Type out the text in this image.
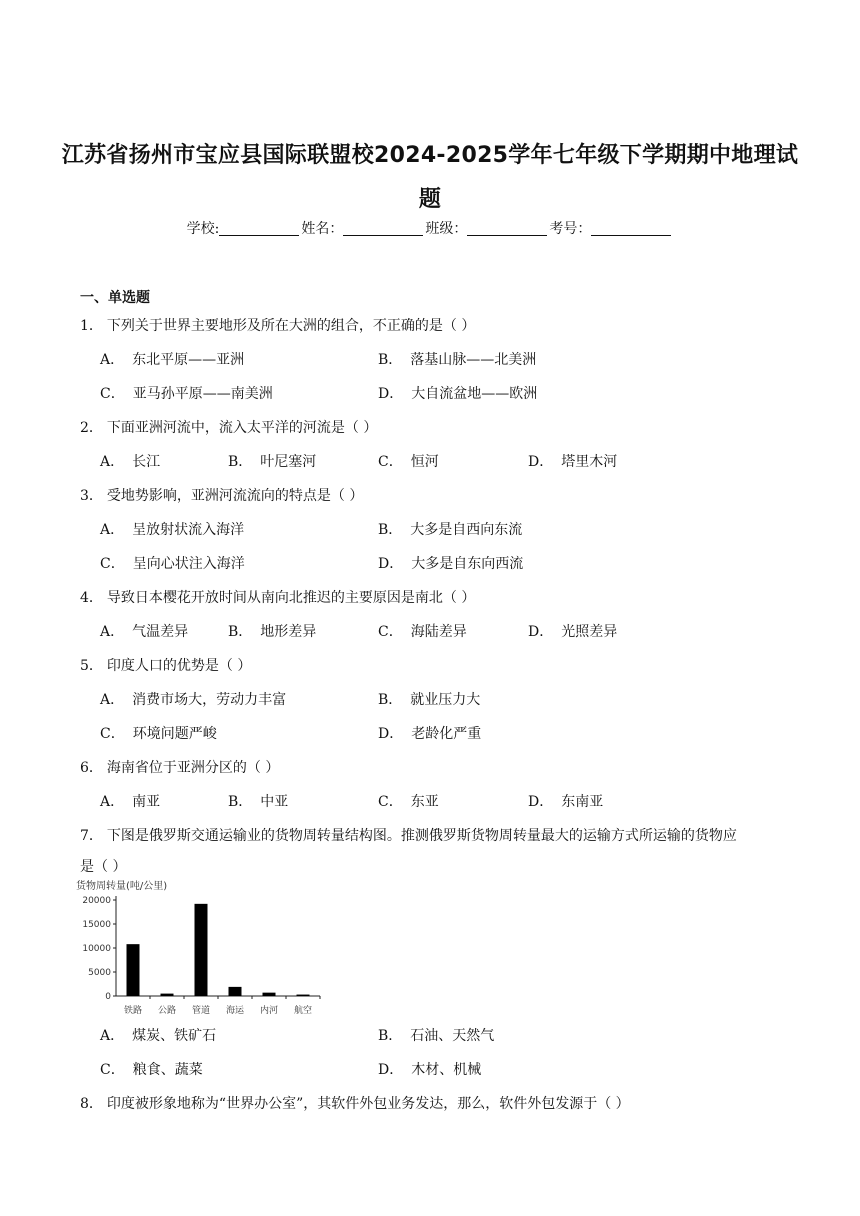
江苏省扬州市宝应县国际联盟校2024-2025学年七年级下学期期中地理试
题
学校:	姓名：	班级：	考号：
一、单选题
1． 下列关于世界主要地形及所在大洲的组合，不正确的是（ ）
A． 东北平原——亚洲	B． 落基山脉——北美洲
C． 亚马孙平原——南美洲	D． 大自流盆地——欧洲
2． 下面亚洲河流中，流入太平洋的河流是（ ）
A． 长江	B． 叶尼塞河	C． 恒河	D． 塔里木河
3． 受地势影响，亚洲河流流向的特点是（ ）
A． 呈放射状流入海洋	B． 大多是自西向东流
C． 呈向心状注入海洋	D． 大多是自东向西流
4． 导致日本樱花开放时间从南向北推迟的主要原因是南北（ ）
A． 气温差异	B． 地形差异	C． 海陆差异	D． 光照差异
5． 印度人口的优势是（ ）
A． 消费市场大，劳动力丰富	B． 就业压力大
C． 环境问题严峻	D． 老龄化严重
6． 海南省位于亚洲分区的（ ）
A． 南亚	B． 中亚	C． 东亚	D． 东南亚
7． 下图是俄罗斯交通运输业的货物周转量结构图。推测俄罗斯货物周转量最大的运输方式所运输的货物应
是（ ）
货物周转量(吨/公里)
0
5000
10000
15000
20000
铁路 公路 管道 海运 内河 航空
A． 煤炭、铁矿石	B． 石油、天然气
C． 粮食、蔬菜	D． 木材、机械
8． 印度被形象地称为“世界办公室”，其软件外包业务发达，那么，软件外包发源于（ ）
